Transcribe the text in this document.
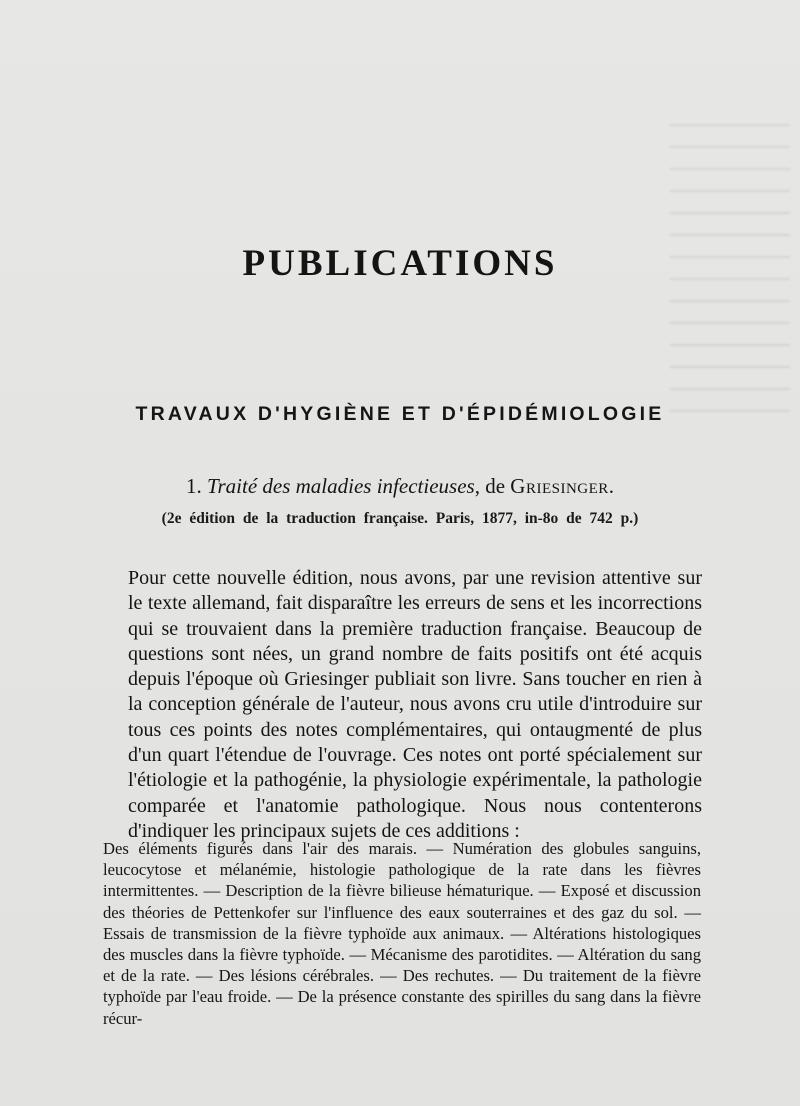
PUBLICATIONS
TRAVAUX D'HYGIÈNE ET D'ÉPIDÉMIOLOGIE
1. Traité des maladies infectieuses, de Griesinger.
(2e édition de la traduction française. Paris, 1877, in-8o de 742 p.)

Pour cette nouvelle édition, nous avons, par une revision attentive sur le texte allemand, fait disparaître les erreurs de sens et les incorrections qui se trouvaient dans la première traduction française. Beaucoup de questions sont nées, un grand nombre de faits positifs ont été acquis depuis l'époque où Griesinger publiait son livre. Sans toucher en rien à la conception générale de l'auteur, nous avons cru utile d'introduire sur tous ces points des notes complémentaires, qui ontaugmenté de plus d'un quart l'étendue de l'ouvrage. Ces notes ont porté spécialement sur l'étiologie et la pathogénie, la physiologie expérimentale, la pathologie comparée et l'anatomie pathologique. Nous nous contenterons d'indiquer les principaux sujets de ces additions :

Des éléments figurés dans l'air des marais. — Numération des globules sanguins, leucocytose et mélanémie, histologie pathologique de la rate dans les fièvres intermittentes. — Description de la fièvre bilieuse hématurique. — Exposé et discussion des théories de Pettenkofer sur l'influence des eaux souterraines et des gaz du sol. — Essais de transmission de la fièvre typhoïde aux animaux. — Altérations histologiques des muscles dans la fièvre typhoïde. — Mécanisme des parotidites. — Altération du sang et de la rate. — Des lésions cérébrales. — Des rechutes. — Du traitement de la fièvre typhoïde par l'eau froide. — De la présence constante des spirilles du sang dans la fièvre récur-
